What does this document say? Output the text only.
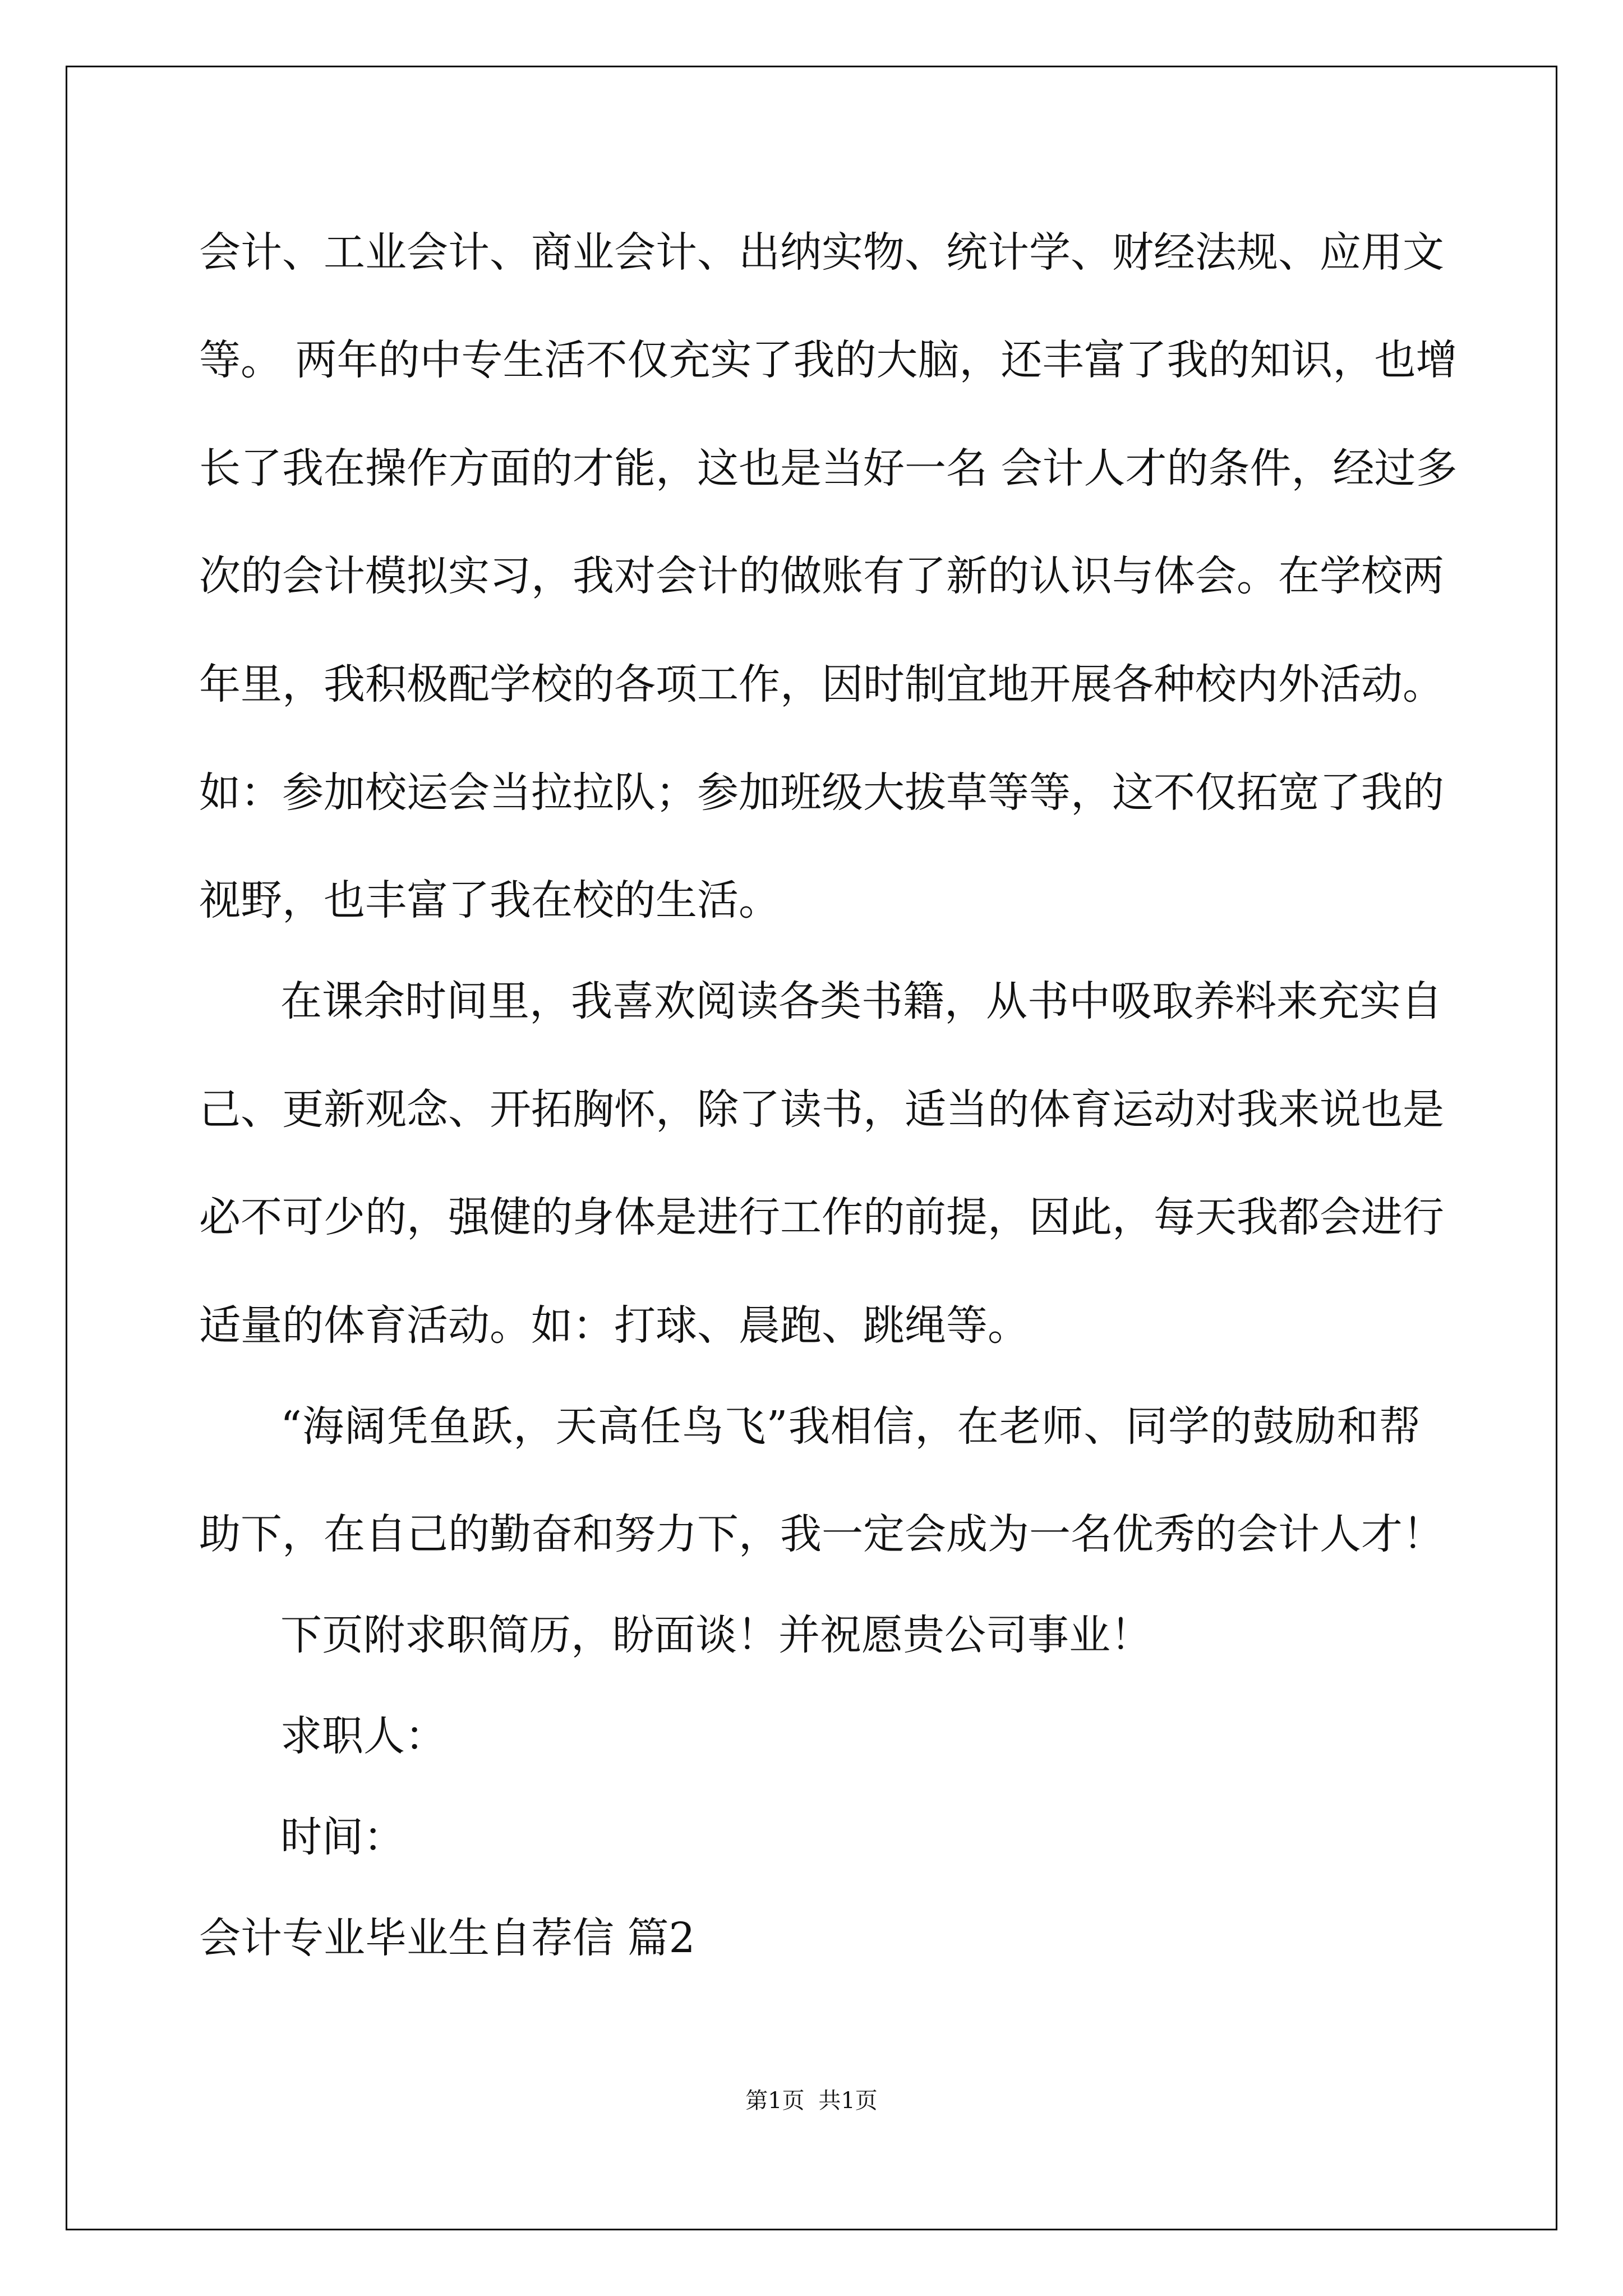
会计、工业会计、商业会计、出纳实物、统计学、财经法规、应用文
等。 两年的中专生活不仅充实了我的大脑，还丰富了我的知识，也增
长了我在操作方面的才能，这也是当好一名 会计人才的条件，经过多
次的会计模拟实习，我对会计的做账有了新的认识与体会。在学校两
年里，我积极配学校的各项工作，因时制宜地开展各种校内外活动。
如：参加校运会当拉拉队；参加班级大拔草等等，这不仅拓宽了我的
视野，也丰富了我在校的生活。
在课余时间里，我喜欢阅读各类书籍，从书中吸取养料来充实自
己、更新观念、开拓胸怀，除了读书，适当的体育运动对我来说也是
必不可少的，强健的身体是进行工作的前提，因此，每天我都会进行
适量的体育活动。如：打球、晨跑、跳绳等。
“海阔凭鱼跃，天高任鸟飞”我相信，在老师、同学的鼓励和帮
助下，在自己的勤奋和努力下，我一定会成为一名优秀的会计人才！
下页附求职简历，盼面谈！并祝愿贵公司事业！
求职人：
时间：
会计专业毕业生自荐信 篇2
第1页 共1页
